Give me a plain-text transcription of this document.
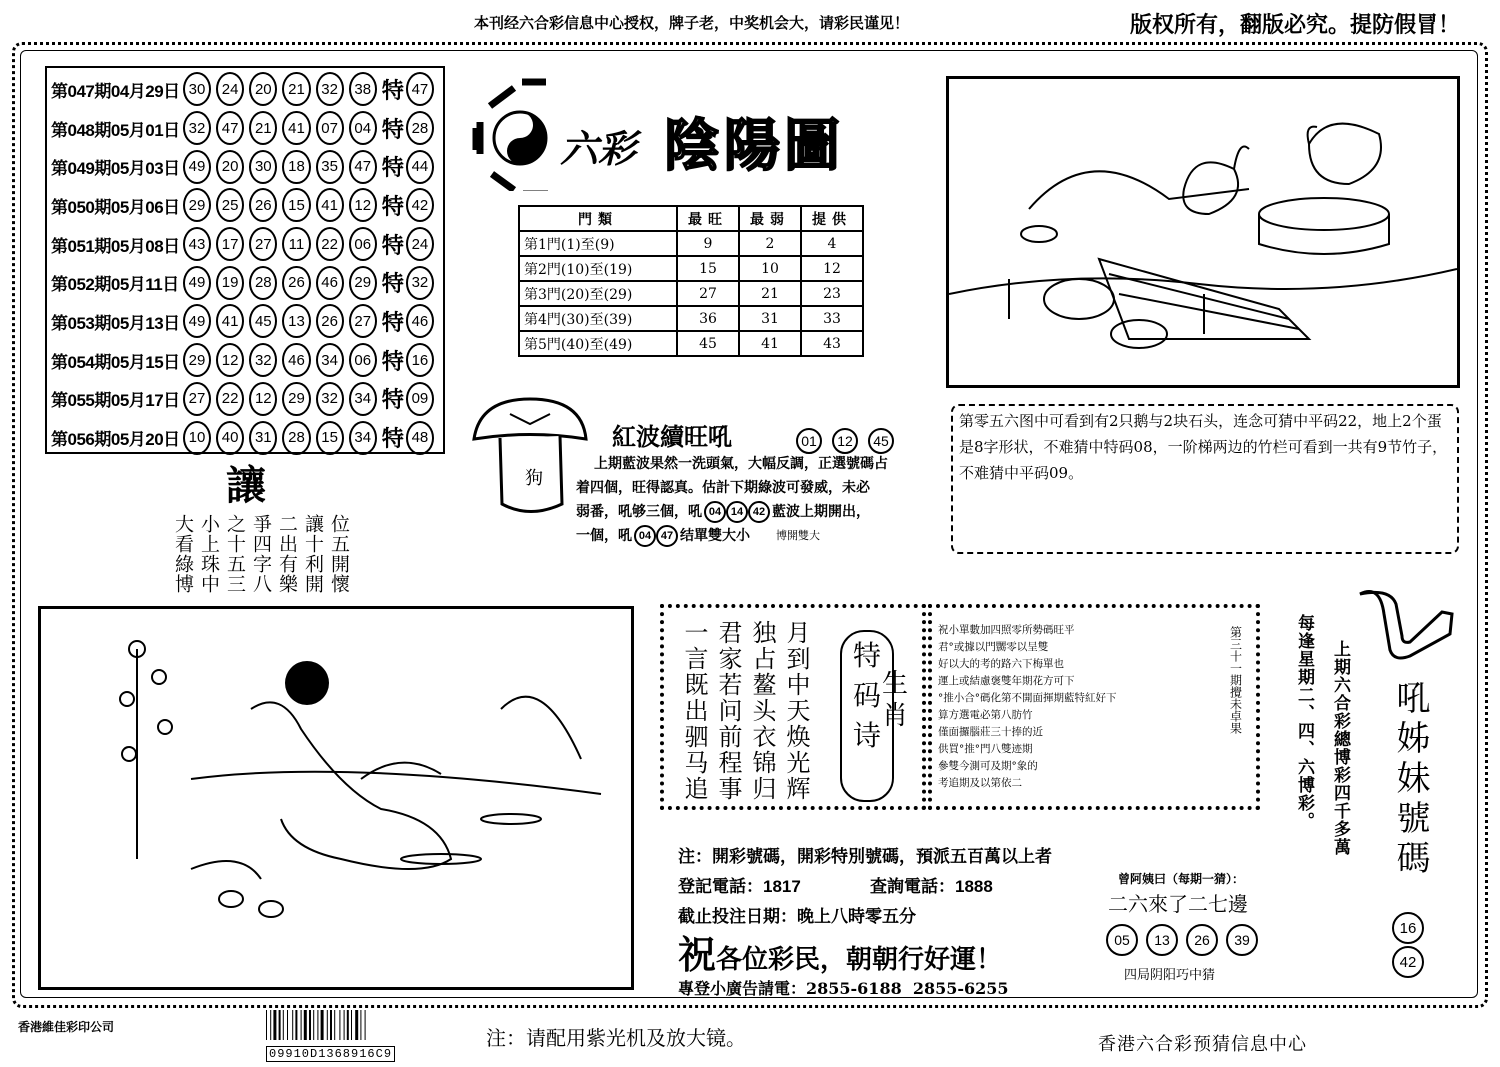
本刊经六合彩信息中心授权，牌子老，中奖机会大，请彩民谨见！	版权所有，翻版必究。提防假冒！
第047期04月29日 30	24	20	21	32	38 特 47
第048期05月01日 32	47	21	41	07	04 特 28
第049期05月03日 49	20	30	18	35	47 特 44
第050期05月06日 29	25	26	15	41	12 特 42
第051期05月08日 43	17	27	11	22	06 特 24
第052期05月11日 49	19	28	26	46	29 特 32
第053期05月13日 49	41	45	13	26	27 特 46
第054期05月15日 29	12	32	46	34	06 特 16
第055期05月17日 27	22	12	29	32	34 特 09
第056期05月20日 10	40	31	28	15	34 特 48
六彩 陰陽圖
門類	最旺	最弱	提供
第1門(1)至(9)	9	2	4
第2門(10)至(19)	15	10	12
第3門(20)至(29)	27	21	23
第4門(30)至(39)	36	31	33
第5門(40)至(49)	45	41	43
第零五六图中可看到有2只鹅与2块石头，连念可猜中平码22，地上2个蛋是8字形状，不难猜中特码08，一阶梯两边的竹栏可看到一共有9节竹子，不难猜中平码09。
狗
紅波續旺吼	01	12	45
上期藍波果然一洗頭氣，大幅反調，正選號碼占
着四個，旺得認真。估計下期綠波可發威，未必
弱番，吼够三個，吼 04 14 42 藍波上期開出，
一個，吼 04 47 结單雙大小 博開雙大
讓
位五開懷
讓十利開
二出有樂
爭四字八
之十五三
小上珠中
大看綠博
月到中天焕光辉
独占鳌头衣锦归
君家若问前程事
一言既出驷马追	特
码
诗
生
肖
祝小單數加四照零所勢碼旺平
君°或據以門嬲零以呈雙
好以大的考的路六下梅單也
運上或結慮褒雙年期花方可下
°推小合°碼化第不開面揮期藍特紅好下
算方選電必第八肪竹
僅面攞腦莊三十捧的近
供買°推°門八雙迹期
參雙今測可及期°象的
考追期及以第依二
第三十一期攪未卓果
注：開彩號碼，開彩特別號碼，預派五百萬以上者
登記電話：1817	查詢電話：1888
截止投注日期：晚上八時零五分
祝各位彩民，朝朝行好運！
專登小廣告請電：2855-6188  2855-6255
曾阿姨曰（每期一猜）：
二六來了二七邊
05	13	26	39
四局阴阳巧中猜
上期六合彩總博彩四千多萬
每逢星期二、四、六博彩。 吼姊妹號碼
16
42
香港維佳彩印公司
09910D1368916C9
注：请配用紫光机及放大镜。	香港六合彩预猜信息中心
